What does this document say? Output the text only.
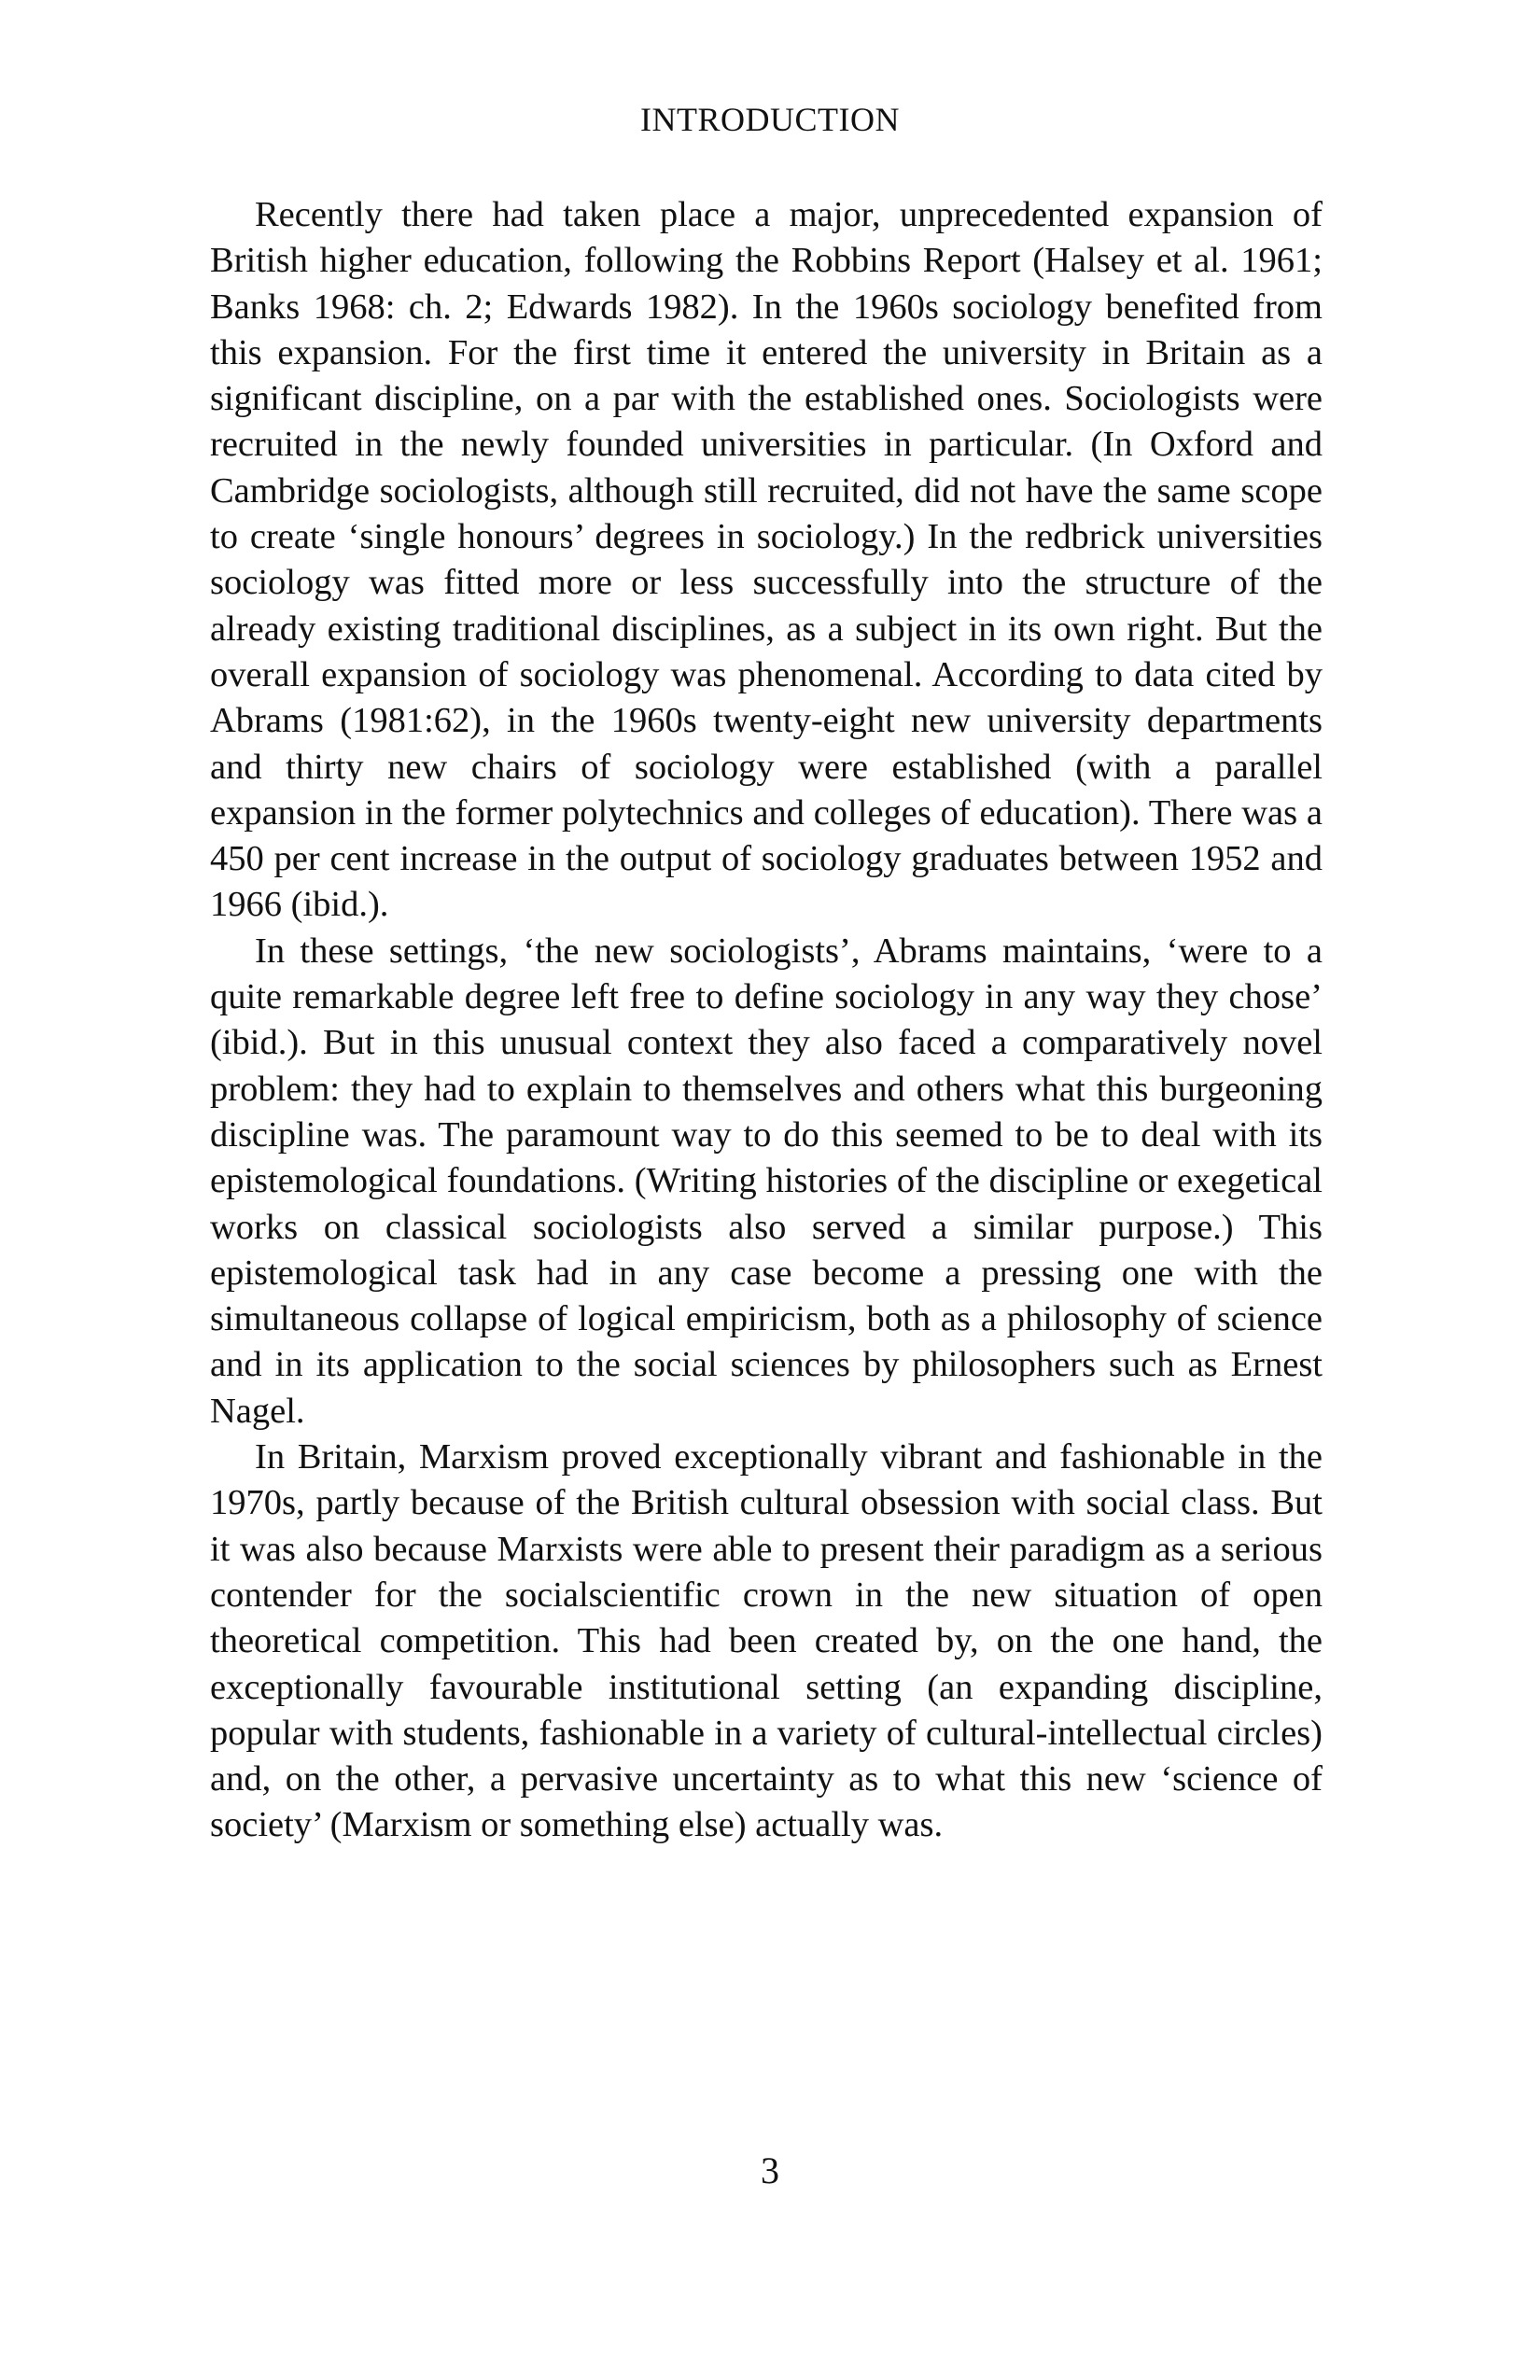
INTRODUCTION

Recently there had taken place a major, unprecedented expansion of British higher education, following the Robbins Report (Halsey et al. 1961; Banks 1968: ch. 2; Edwards 1982). In the 1960s sociology benefited from this expansion. For the first time it entered the university in Britain as a significant discipline, on a par with the established ones. Sociologists were recruited in the newly founded universities in particular. (In Oxford and Cambridge sociologists, although still recruited, did not have the same scope to create ‘single honours’ degrees in sociology.) In the redbrick universities sociology was fitted more or less successfully into the structure of the already existing traditional disciplines, as a subject in its own right. But the overall expansion of sociology was phenomenal. According to data cited by Abrams (1981:62), in the 1960s twenty-eight new university departments and thirty new chairs of sociology were established (with a parallel expansion in the former polytechnics and colleges of education). There was a 450 per cent increase in the output of sociology graduates between 1952 and 1966 (ibid.).

In these settings, ‘the new sociologists’, Abrams maintains, ‘were to a quite remarkable degree left free to define sociology in any way they chose’ (ibid.). But in this unusual context they also faced a comparatively novel problem: they had to explain to themselves and others what this burgeoning discipline was. The paramount way to do this seemed to be to deal with its epistemological foundations. (Writing histories of the discipline or exegetical works on classical sociologists also served a similar purpose.) This epistemological task had in any case become a pressing one with the simultaneous collapse of logical empiricism, both as a philosophy of science and in its application to the social sciences by philosophers such as Ernest Nagel.

In Britain, Marxism proved exceptionally vibrant and fashionable in the 1970s, partly because of the British cultural obsession with social class. But it was also because Marxists were able to present their paradigm as a serious contender for the socialscientific crown in the new situation of open theoretical competition. This had been created by, on the one hand, the exceptionally favourable institutional setting (an expanding discipline, popular with students, fashionable in a variety of cultural-intellectual circles) and, on the other, a pervasive uncertainty as to what this new ‘science of society’ (Marxism or something else) actually was.

3
